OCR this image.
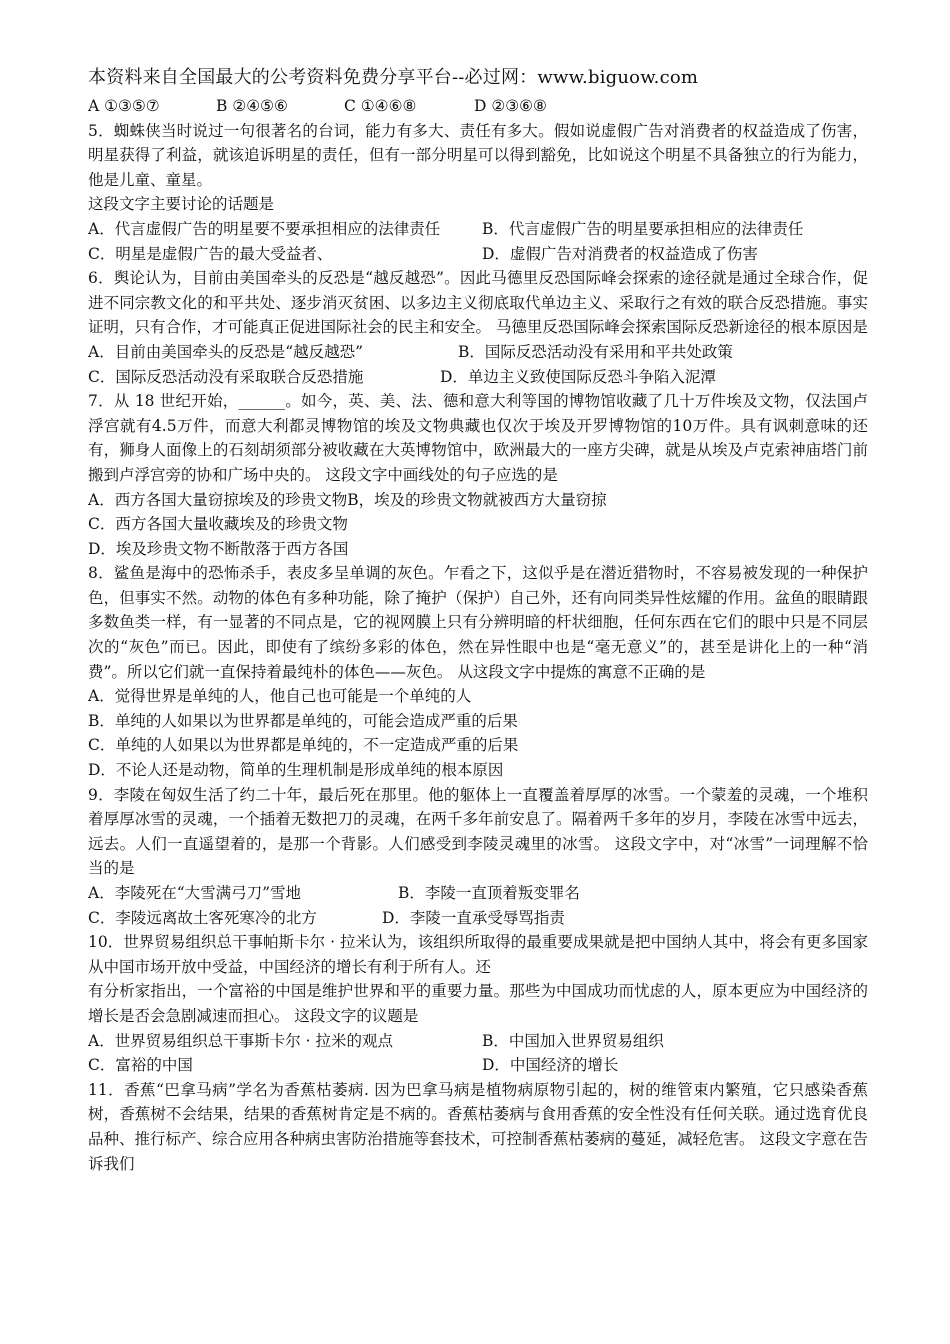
本资料来自全国最大的公考资料免费分享平台--必过网：www.biguow.com
A ①③⑤⑦	B ②④⑤⑥	C ①④⑥⑧	D ②③⑥⑧

5．蜘蛛侠当时说过一句很著名的台词，能力有多大、责任有多大。假如说虚假广告对消费者的权益造成了伤害，明星获得了利益，就该追诉明星的责任，但有一部分明星可以得到豁免，比如说这个明星不具备独立的行为能力，他是儿童、童星。

这段文字主要讨论的话题是

A．代言虚假广告的明星要不要承担相应的法律责任	B．代言虚假广告的明星要承担相应的法律责任
C．明星是虚假广告的最大受益者、	D．虚假广告对消费者的权益造成了伤害

6．舆论认为，目前由美国牵头的反恐是“越反越恐”。因此马德里反恐国际峰会探索的途径就是通过全球合作，促进不同宗教文化的和平共处、逐步消灭贫困、以多边主义彻底取代单边主义、采取行之有效的联合反恐措施。事实证明，只有合作，才可能真正促进国际社会的民主和安全。 马德里反恐国际峰会探索国际反恐新途径的根本原因是

A．目前由美国牵头的反恐是“越反越恐”	B．国际反恐活动没有采用和平共处政策
C．国际反恐活动没有采取联合反恐措施	D．单边主义致使国际反恐斗争陷入泥潭

7．从 18 世纪开始，______。如今，英、美、法、德和意大利等国的博物馆收藏了几十万件埃及文物，仅法国卢浮宫就有4.5万件，而意大利都灵博物馆的埃及文物典藏也仅次于埃及开罗博物馆的10万件。具有讽刺意味的还有，狮身人面像上的石刻胡须部分被收藏在大英博物馆中，欧洲最大的一座方尖碑，就是从埃及卢克索神庙塔门前搬到卢浮宫旁的协和广场中央的。 这段文字中画线处的句子应选的是

A．西方各国大量窃掠埃及的珍贵文物B，埃及的珍贵文物就被西方大量窃掠

C．西方各国大量收藏埃及的珍贵文物

D．埃及珍贵文物不断散落于西方各国

8．鲨鱼是海中的恐怖杀手，表皮多呈单调的灰色。乍看之下，这似乎是在潜近猎物时，不容易被发现的一种保护色，但事实不然。动物的体色有多种功能，除了掩护（保护）自己外，还有向同类异性炫耀的作用。盆鱼的眼睛跟多数鱼类一样，有一显著的不同点是，它的视网膜上只有分辨明暗的杆状细胞，任何东西在它们的眼中只是不同层次的“灰色”而已。因此，即使有了缤纷多彩的体色，然在异性眼中也是“毫无意义”的，甚至是讲化上的一种“消费”。所以它们就一直保持着最纯朴的体色——灰色。 从这段文字中提炼的寓意不正确的是

A．觉得世界是单纯的人，他自己也可能是一个单纯的人

B．单纯的人如果以为世界都是单纯的，可能会造成严重的后果

C．单纯的人如果以为世界都是单纯的，不一定造成严重的后果

D．不论人还是动物，简单的生理机制是形成单纯的根本原因

9．李陵在匈奴生活了约二十年，最后死在那里。他的躯体上一直覆盖着厚厚的冰雪。一个蒙羞的灵魂，一个堆积着厚厚冰雪的灵魂，一个插着无数把刀的灵魂，在两千多年前安息了。隔着两千多年的岁月，李陵在冰雪中远去，远去。人们一直遥望着的，是那一个背影。人们感受到李陵灵魂里的冰雪。 这段文字中，对“冰雪”一词理解不恰当的是

A．李陵死在“大雪满弓刀”雪地	B．李陵一直顶着叛变罪名
C．李陵远离故土客死寒冷的北方	D．李陵一直承受辱骂指责

10．世界贸易组织总干事帕斯卡尔 · 拉米认为，该组织所取得的最重要成果就是把中国纳人其中，将会有更多国家从中国市场开放中受益，中国经济的增长有利于所有人。还

有分析家指出，一个富裕的中国是维护世界和平的重要力量。那些为中国成功而忧虑的人，原本更应为中国经济的增长是否会急剧减速而担心。 这段文字的议题是

A．世界贸易组织总干事斯卡尔 · 拉米的观点	B．中国加入世界贸易组织
C．富裕的中国	D．中国经济的增长

11．香蕉“巴拿马病”学名为香蕉枯萎病. 因为巴拿马病是植物病原物引起的，树的维管束内繁殖，它只感染香蕉树，香蕉树不会结果，结果的香蕉树肯定是不病的。香蕉枯萎病与食用香蕉的安全性没有任何关联。通过选育优良品种、推行标产、综合应用各种病虫害防治措施等套技术，可控制香蕉枯萎病的蔓延，减轻危害。 这段文字意在告诉我们
